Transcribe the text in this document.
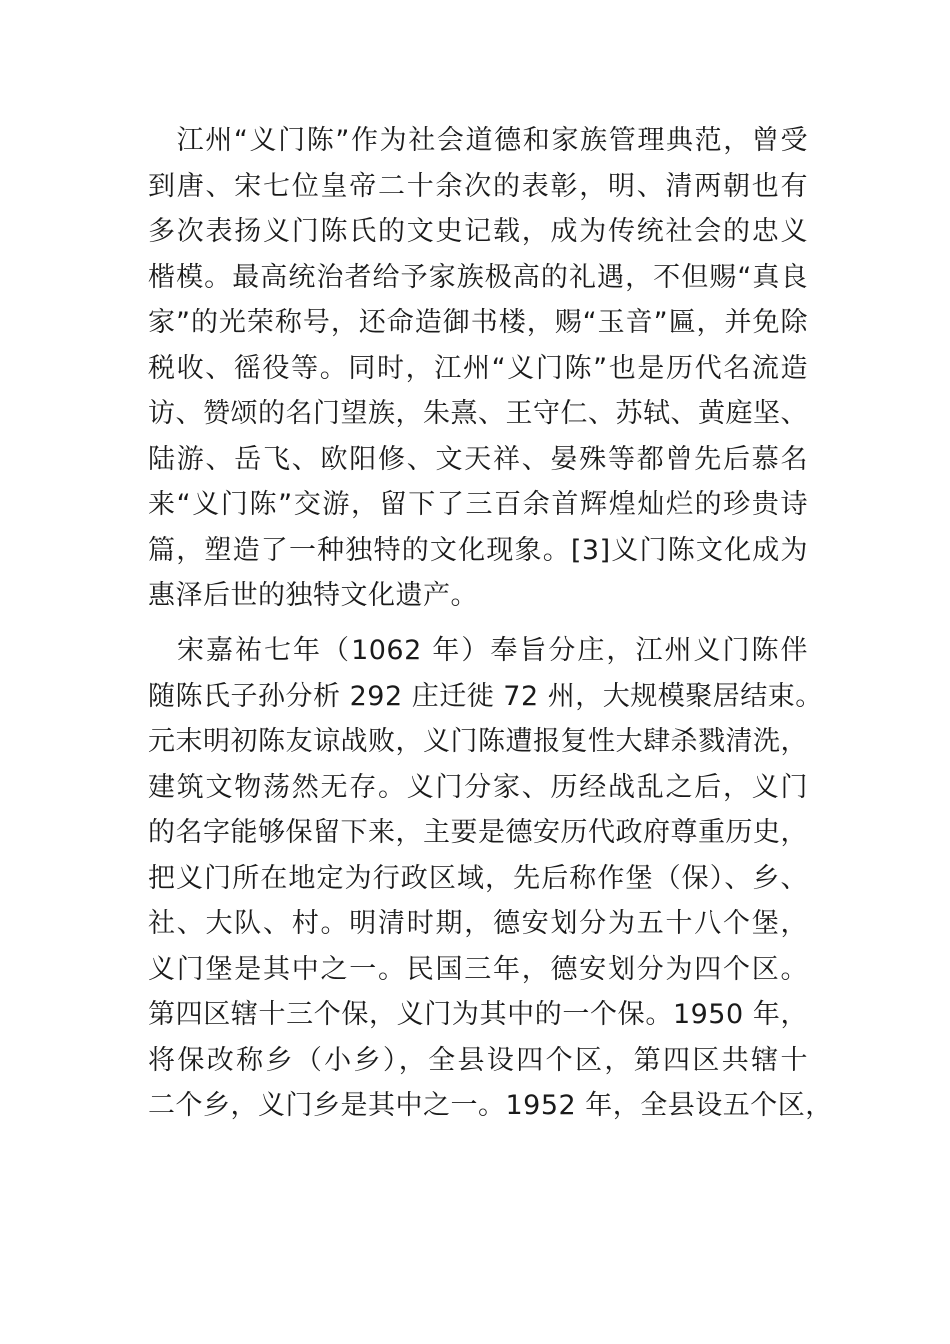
　江州“义门陈”作为社会道德和家族管理典范，曾受
到唐、宋七位皇帝二十余次的表彰，明、清两朝也有
多次表扬义门陈氏的文史记载，成为传统社会的忠义
楷模。最高统治者给予家族极高的礼遇，不但赐“真良
家”的光荣称号，还命造御书楼，赐“玉音”匾，并免除
税收、徭役等。同时，江州“义门陈”也是历代名流造
访、赞颂的名门望族，朱熹、王守仁、苏轼、黄庭坚、
陆游、岳飞、欧阳修、文天祥、晏殊等都曾先后慕名
来“义门陈”交游，留下了三百余首辉煌灿烂的珍贵诗
篇，塑造了一种独特的文化现象。[3]义门陈文化成为
惠泽后世的独特文化遗产。
　宋嘉祐七年（1062 年）奉旨分庄，江州义门陈伴
随陈氏子孙分析 292 庄迁徙 72 州，大规模聚居结束。
元末明初陈友谅战败，义门陈遭报复性大肆杀戮清洗，
建筑文物荡然无存。义门分家、历经战乱之后，义门
的名字能够保留下来，主要是德安历代政府尊重历史，
把义门所在地定为行政区域，先后称作堡（保）、乡、
社、大队、村。明清时期，德安划分为五十八个堡，
义门堡是其中之一。民国三年，德安划分为四个区。
第四区辖十三个保，义门为其中的一个保。1950 年，
将保改称乡（小乡），全县设四个区，第四区共辖十
二个乡，义门乡是其中之一。1952 年，全县设五个区，
